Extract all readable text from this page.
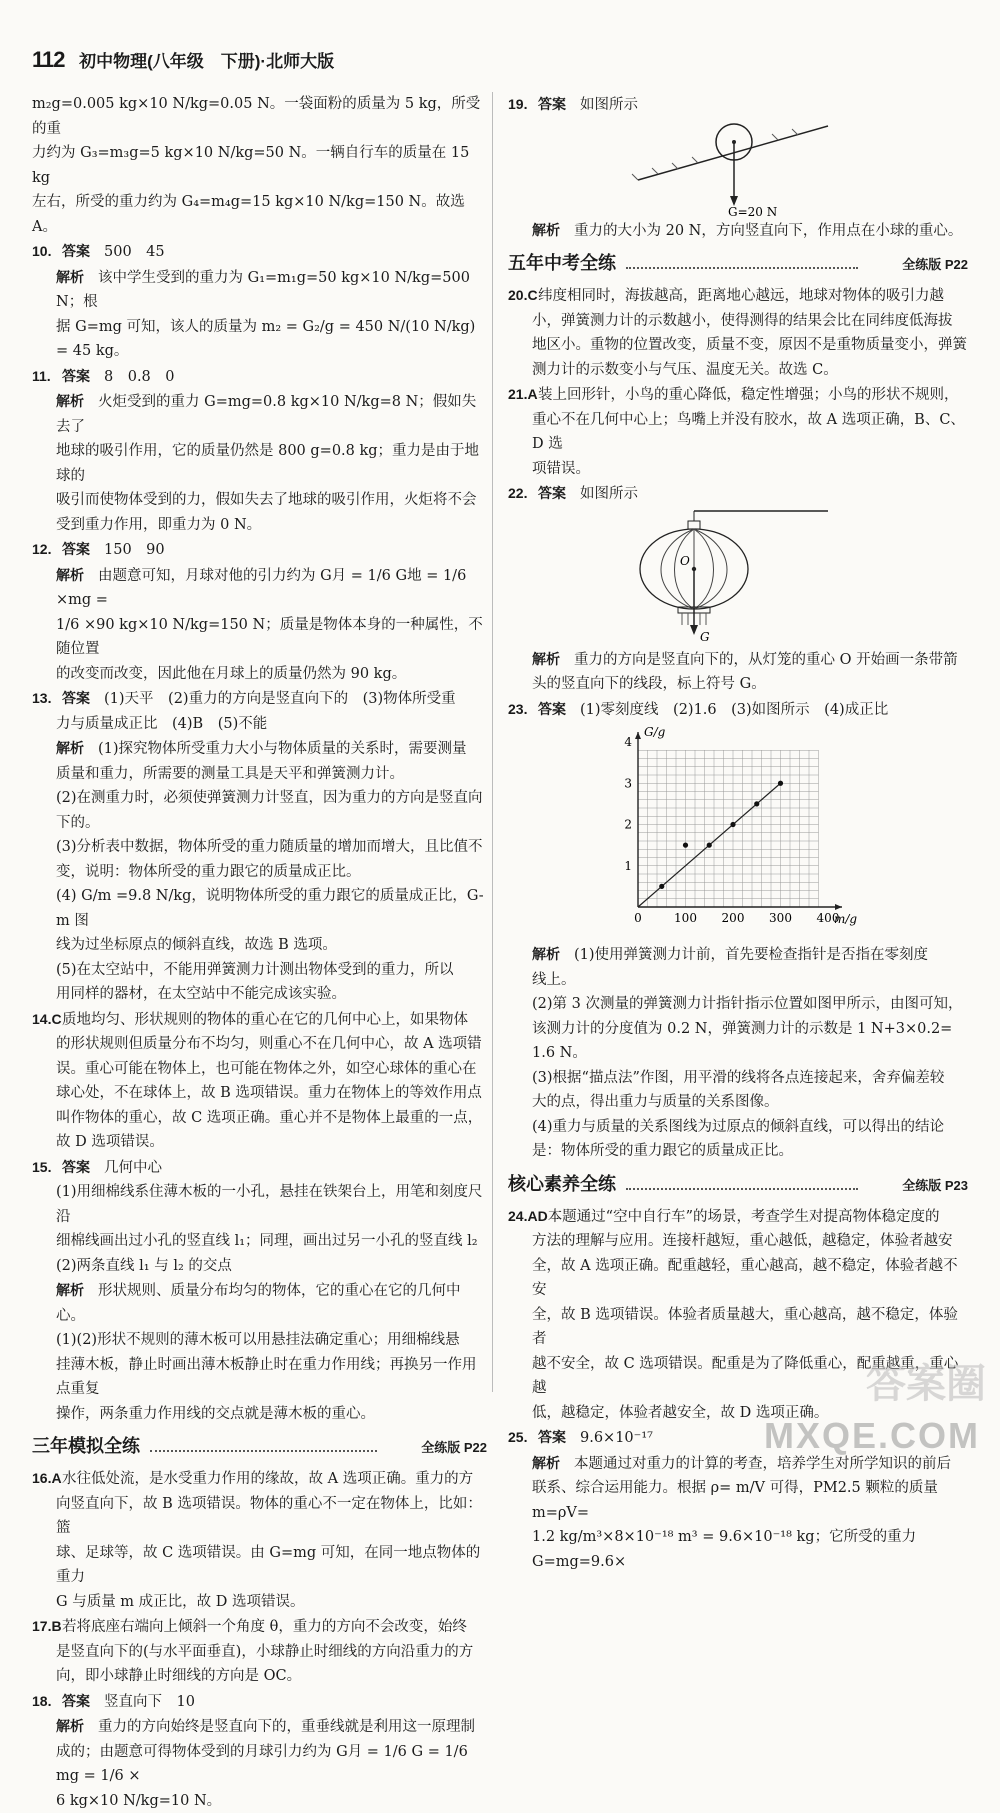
112 初中物理(八年级　下册)·北师大版

m₂g=0.005 kg×10 N/kg=0.05 N。一袋面粉的质量为 5 kg，所受的重

力约为 G₃=m₃g=5 kg×10 N/kg=50 N。一辆自行车的质量在 15 kg

左右，所受的重力约为 G₄=m₄g=15 kg×10 N/kg=150 N。故选 A。

10. 答案 500　45
解析 该中学生受到的重力为 G₁=m₁g=50 kg×10 N/kg=500 N；根
据 G=mg 可知，该人的质量为 m₂ = G₂/g = 450 N/(10 N/kg) = 45 kg。
11. 答案 8　0.8　0
解析 火炬受到的重力 G=mg=0.8 kg×10 N/kg=8 N；假如失去了
地球的吸引作用，它的质量仍然是 800 g=0.8 kg；重力是由于地球的
吸引而使物体受到的力，假如失去了地球的吸引作用，火炬将不会
受到重力作用，即重力为 0 N。
12. 答案 150　90
解析 由题意可知，月球对他的引力约为 G月 = 1/6 G地 = 1/6 ×mg =
1/6 ×90 kg×10 N/kg=150 N；质量是物体本身的一种属性，不随位置
的改变而改变，因此他在月球上的质量仍然为 90 kg。
13. 答案 (1)天平　(2)重力的方向是竖直向下的　(3)物体所受重
力与质量成正比　(4)B　(5)不能
解析 (1)探究物体所受重力大小与物体质量的关系时，需要测量
质量和重力，所需要的测量工具是天平和弹簧测力计。
(2)在测重力时，必须使弹簧测力计竖直，因为重力的方向是竖直向
下的。
(3)分析表中数据，物体所受的重力随质量的增加而增大，且比值不
变，说明：物体所受的重力跟它的质量成正比。
(4) G/m =9.8 N/kg，说明物体所受的重力跟它的质量成正比，G-m 图
线为过坐标原点的倾斜直线，故选 B 选项。
(5)在太空站中，不能用弹簧测力计测出物体受到的重力，所以
用同样的器材，在太空站中不能完成该实验。
14.C质地均匀、形状规则的物体的重心在它的几何中心上，如果物体
的形状规则但质量分布不均匀，则重心不在几何中心，故 A 选项错
误。重心可能在物体上，也可能在物体之外，如空心球体的重心在
球心处，不在球体上，故 B 选项错误。重力在物体上的等效作用点
叫作物体的重心，故 C 选项正确。重心并不是物体上最重的一点，
故 D 选项错误。
15. 答案 几何中心
(1)用细棉线系住薄木板的一小孔，悬挂在铁架台上，用笔和刻度尺沿
细棉线画出过小孔的竖直线 l₁；同理，画出过另一小孔的竖直线 l₂
(2)两条直线 l₁ 与 l₂ 的交点
解析 形状规则、质量分布均匀的物体，它的重心在它的几何中心。
(1)(2)形状不规则的薄木板可以用悬挂法确定重心；用细棉线悬
挂薄木板，静止时画出薄木板静止时在重力作用线；再换另一作用点重复
操作，两条重力作用线的交点就是薄木板的重心。
三年模拟全练	全练版 P22
16.A水往低处流，是水受重力作用的缘故，故 A 选项正确。重力的方
向竖直向下，故 B 选项错误。物体的重心不一定在物体上，比如：篮
球、足球等，故 C 选项错误。由 G=mg 可知，在同一地点物体的重力
G 与质量 m 成正比，故 D 选项错误。
17.B若将底座右端向上倾斜一个角度 θ，重力的方向不会改变，始终
是竖直向下的(与水平面垂直)，小球静止时细线的方向沿重力的方
向，即小球静止时细线的方向是 OC。
18. 答案 竖直向下　10
解析 重力的方向始终是竖直向下的，重垂线就是利用这一原理制
成的；由题意可得物体受到的月球引力约为 G月 = 1/6 G = 1/6 mg = 1/6 ×
6 kg×10 N/kg=10 N。
19. 答案 如图所示
G=20 N
解析 重力的大小为 20 N，方向竖直向下，作用点在小球的重心。
五年中考全练	全练版 P22
20.C纬度相同时，海拔越高，距离地心越远，地球对物体的吸引力越
小，弹簧测力计的示数越小，使得测得的结果会比在同纬度低海拔
地区小。重物的位置改变，质量不变，原因不是重物质量变小，弹簧
测力计的示数变小与气压、温度无关。故选 C。
21.A装上回形针，小鸟的重心降低，稳定性增强；小鸟的形状不规则，
重心不在几何中心上；鸟嘴上并没有胶水，故 A 选项正确，B、C、D 选
项错误。
22. 答案 如图所示
O
G
解析 重力的方向是竖直向下的，从灯笼的重心 O 开始画一条带箭
头的竖直向下的线段，标上符号 G。
23. 答案 (1)零刻度线　(2)1.6　(3)如图所示　(4)成正比
0	100 200 300 400
1
2
3
4
m/g
G/g
解析 (1)使用弹簧测力计前，首先要检查指针是否指在零刻度
线上。
(2)第 3 次测量的弹簧测力计指针指示位置如图甲所示，由图可知，
该测力计的分度值为 0.2 N，弹簧测力计的示数是 1 N+3×0.2=
1.6 N。
(3)根据“描点法”作图，用平滑的线将各点连接起来，舍弃偏差较
大的点，得出重力与质量的关系图像。
(4)重力与质量的关系图线为过原点的倾斜直线，可以得出的结论
是：物体所受的重力跟它的质量成正比。
核心素养全练	全练版 P23
24.AD本题通过“空中自行车”的场景，考查学生对提高物体稳定度的
方法的理解与应用。连接杆越短，重心越低，越稳定，体验者越安
全，故 A 选项正确。配重越轻，重心越高，越不稳定，体验者越不安
全，故 B 选项错误。体验者质量越大，重心越高，越不稳定，体验者
越不安全，故 C 选项错误。配重是为了降低重心，配重越重，重心越
低，越稳定，体验者越安全，故 D 选项正确。
25. 答案 9.6×10⁻¹⁷
解析 本题通过对重力的计算的考查，培养学生对所学知识的前后
联系、综合运用能力。根据 ρ= m/V 可得，PM2.5 颗粒的质量 m=ρV=
1.2 kg/m³×8×10⁻¹⁸ m³ = 9.6×10⁻¹⁸ kg；它所受的重力 G=mg=9.6×
答案圈
MXQE.COM
